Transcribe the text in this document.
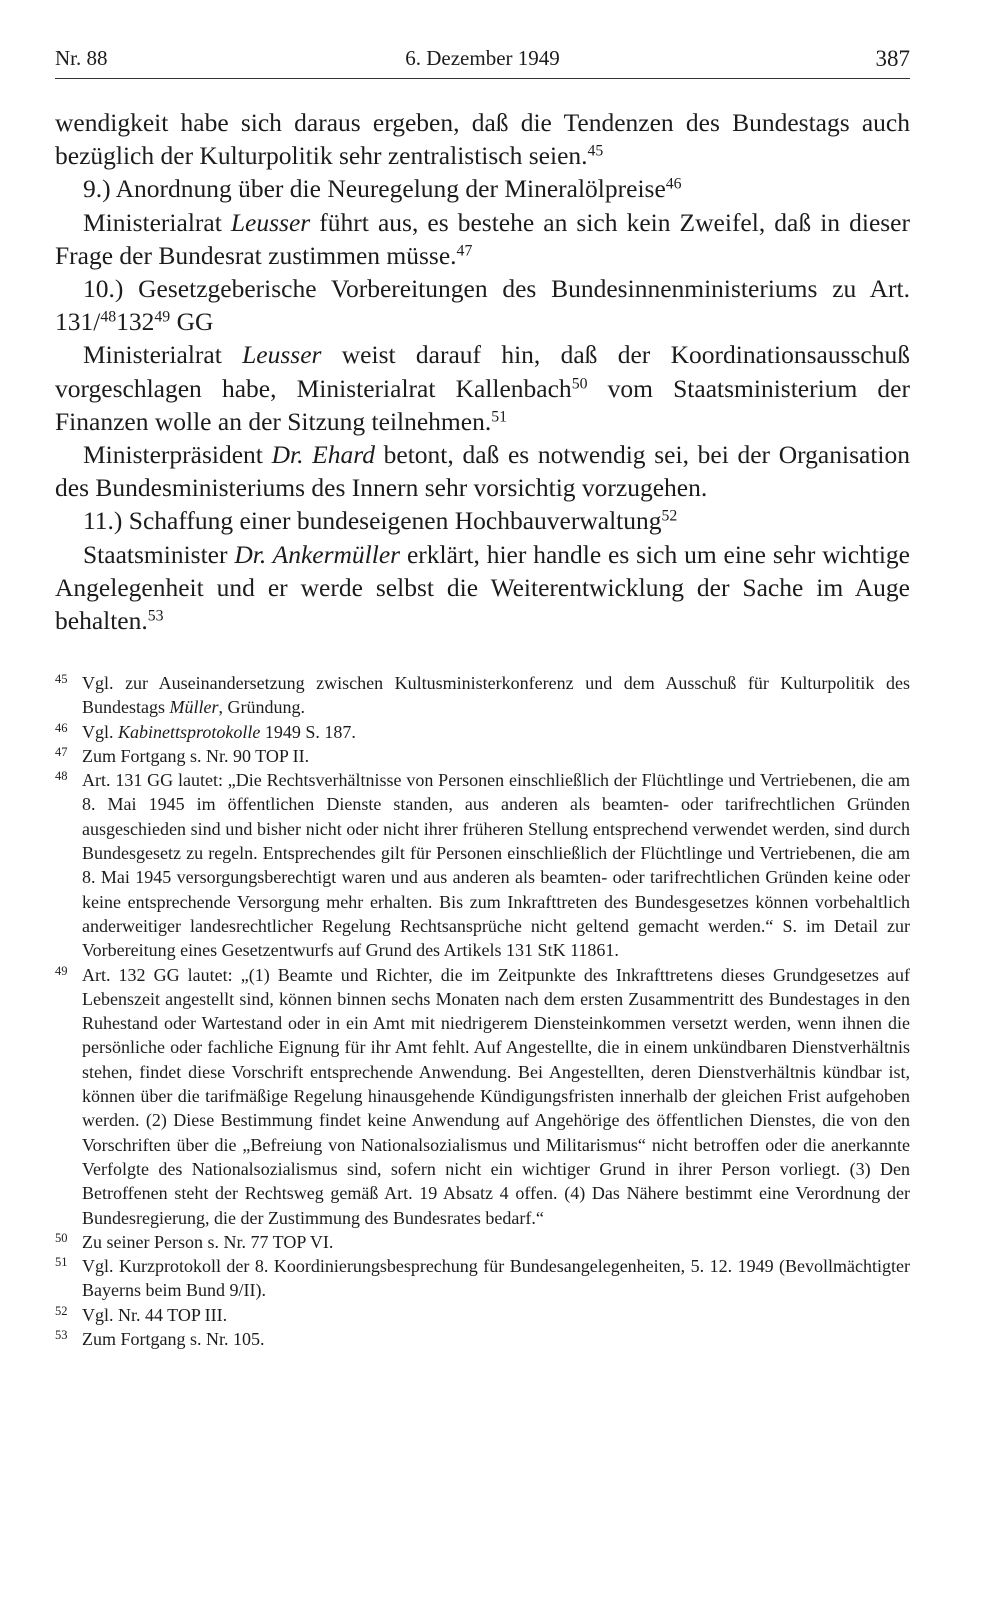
Nr. 88	6. Dezember 1949	387

wendigkeit habe sich daraus ergeben, daß die Tendenzen des Bundestags auch bezüglich der Kulturpolitik sehr zentralistisch seien.$^{45}$

9.) Anordnung über die Neuregelung der Mineralölpreise$^{46}$

Ministerialrat Leusser führt aus, es bestehe an sich kein Zweifel, daß in dieser Frage der Bundesrat zustimmen müsse.$^{47}$

10.) Gesetzgeberische Vorbereitungen des Bundesinnenministeriums zu Art. $131/^{48}132^{49}$ GG

Ministerialrat Leusser weist darauf hin, daß der Koordinationsausschuß vorgeschlagen habe, Ministerialrat Kallenbach$^{50}$ vom Staatsministerium der Finanzen wolle an der Sitzung teilnehmen.$^{51}$

Ministerpräsident Dr. Ehard betont, daß es notwendig sei, bei der Organisation des Bundesministeriums des Innern sehr vorsichtig vorzugehen.

11.) Schaffung einer bundeseigenen Hochbauverwaltung$^{52}$

Staatsminister Dr. Ankermüller erklärt, hier handle es sich um eine sehr wichtige Angelegenheit und er werde selbst die Weiterentwicklung der Sache im Auge behalten.$^{53}$

45 Vgl. zur Auseinandersetzung zwischen Kultusministerkonferenz und dem Ausschuß für Kulturpolitik des Bundestags Müller, Gründung.

46 Vgl. Kabinettsprotokolle 1949 S. 187.

47 Zum Fortgang s. Nr. 90 TOP II.

48 Art. 131 GG lautet: „Die Rechtsverhältnisse von Personen einschließlich der Flüchtlinge und Vertriebenen, die am 8. Mai 1945 im öffentlichen Dienste standen, aus anderen als beamten- oder tarifrechtlichen Gründen ausgeschieden sind und bisher nicht oder nicht ihrer früheren Stellung entsprechend verwendet werden, sind durch Bundesgesetz zu regeln. Entsprechendes gilt für Personen einschließlich der Flüchtlinge und Vertriebenen, die am 8. Mai 1945 versorgungsberechtigt waren und aus anderen als beamten- oder tarifrechtlichen Gründen keine oder keine entsprechende Versorgung mehr erhalten. Bis zum Inkrafttreten des Bundesgesetzes können vorbehaltlich anderweitiger landesrechtlicher Regelung Rechtsansprüche nicht geltend gemacht werden.“ S. im Detail zur Vorbereitung eines Gesetzentwurfs auf Grund des Artikels 131 StK 11861.

49 Art. 132 GG lautet: „(1) Beamte und Richter, die im Zeitpunkte des Inkrafttretens dieses Grundgesetzes auf Lebenszeit angestellt sind, können binnen sechs Monaten nach dem ersten Zusammentritt des Bundestages in den Ruhestand oder Wartestand oder in ein Amt mit niedrigerem Diensteinkommen versetzt werden, wenn ihnen die persönliche oder fachliche Eignung für ihr Amt fehlt. Auf Angestellte, die in einem unkündbaren Dienstverhältnis stehen, findet diese Vorschrift entsprechende Anwendung. Bei Angestellten, deren Dienstverhältnis kündbar ist, können über die tarifmäßige Regelung hinausgehende Kündigungsfristen innerhalb der gleichen Frist aufgehoben werden. (2) Diese Bestimmung findet keine Anwendung auf Angehörige des öffentlichen Dienstes, die von den Vorschriften über die „Befreiung von Nationalsozialismus und Militarismus“ nicht betroffen oder die anerkannte Verfolgte des Nationalsozialismus sind, sofern nicht ein wichtiger Grund in ihrer Person vorliegt. (3) Den Betroffenen steht der Rechtsweg gemäß Art. 19 Absatz 4 offen. (4) Das Nähere bestimmt eine Verordnung der Bundesregierung, die der Zustimmung des Bundesrates bedarf.“

50 Zu seiner Person s. Nr. 77 TOP VI.

51 Vgl. Kurzprotokoll der 8. Koordinierungsbesprechung für Bundesangelegenheiten, 5. 12. 1949 (Bevollmächtigter Bayerns beim Bund 9/II).

52 Vgl. Nr. 44 TOP III.

53 Zum Fortgang s. Nr. 105.
